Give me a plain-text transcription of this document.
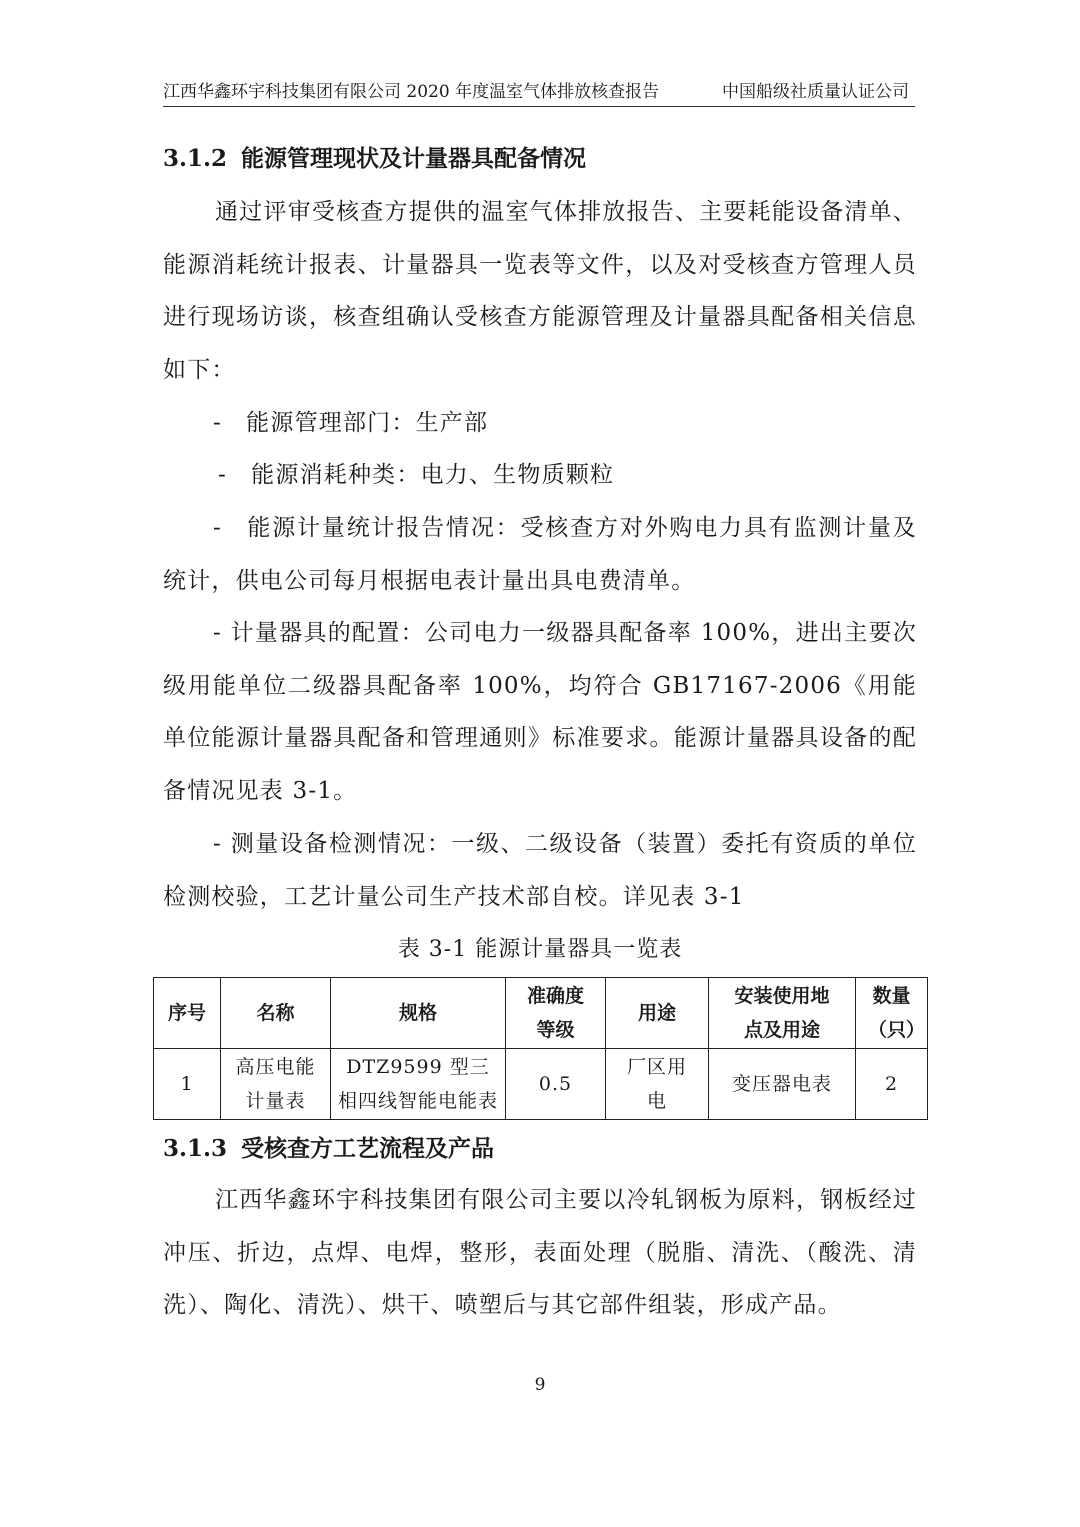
江西华鑫环宇科技集团有限公司 2020 年度温室气体排放核查报告	中国船级社质量认证公司
3.1.2 能源管理现状及计量器具配备情况
通过评审受核查方提供的温室气体排放报告、主要耗能设备清单、能源消耗统计报表、计量器具一览表等文件，以及对受核查方管理人员进行现场访谈，核查组确认受核查方能源管理及计量器具配备相关信息如下：
-　能源管理部门：生产部
-　能源消耗种类：电力、生物质颗粒
-　能源计量统计报告情况：受核查方对外购电力具有监测计量及统计，供电公司每月根据电表计量出具电费清单。
- 计量器具的配置：公司电力一级器具配备率 100%，进出主要次级用能单位二级器具配备率 100%，均符合 GB17167-2006《用能单位能源计量器具配备和管理通则》标准要求。能源计量器具设备的配备情况见表 3-1。
- 测量设备检测情况：一级、二级设备（装置）委托有资质的单位检测校验，工艺计量公司生产技术部自校。详见表 3-1
表 3-1 能源计量器具一览表
序号	名称	规格	准确度等级	用途	安装使用地点及用途	数量（只）
1	高压电能计量表	DTZ9599 型三相四线智能电能表	0.5	厂区用电	变压器电表	2
3.1.3 受核查方工艺流程及产品
江西华鑫环宇科技集团有限公司主要以冷轧钢板为原料，钢板经过冲压、折边，点焊、电焊，整形，表面处理（脱脂、清洗、（酸洗、清洗）、陶化、清洗）、烘干、喷塑后与其它部件组装，形成产品。
9
